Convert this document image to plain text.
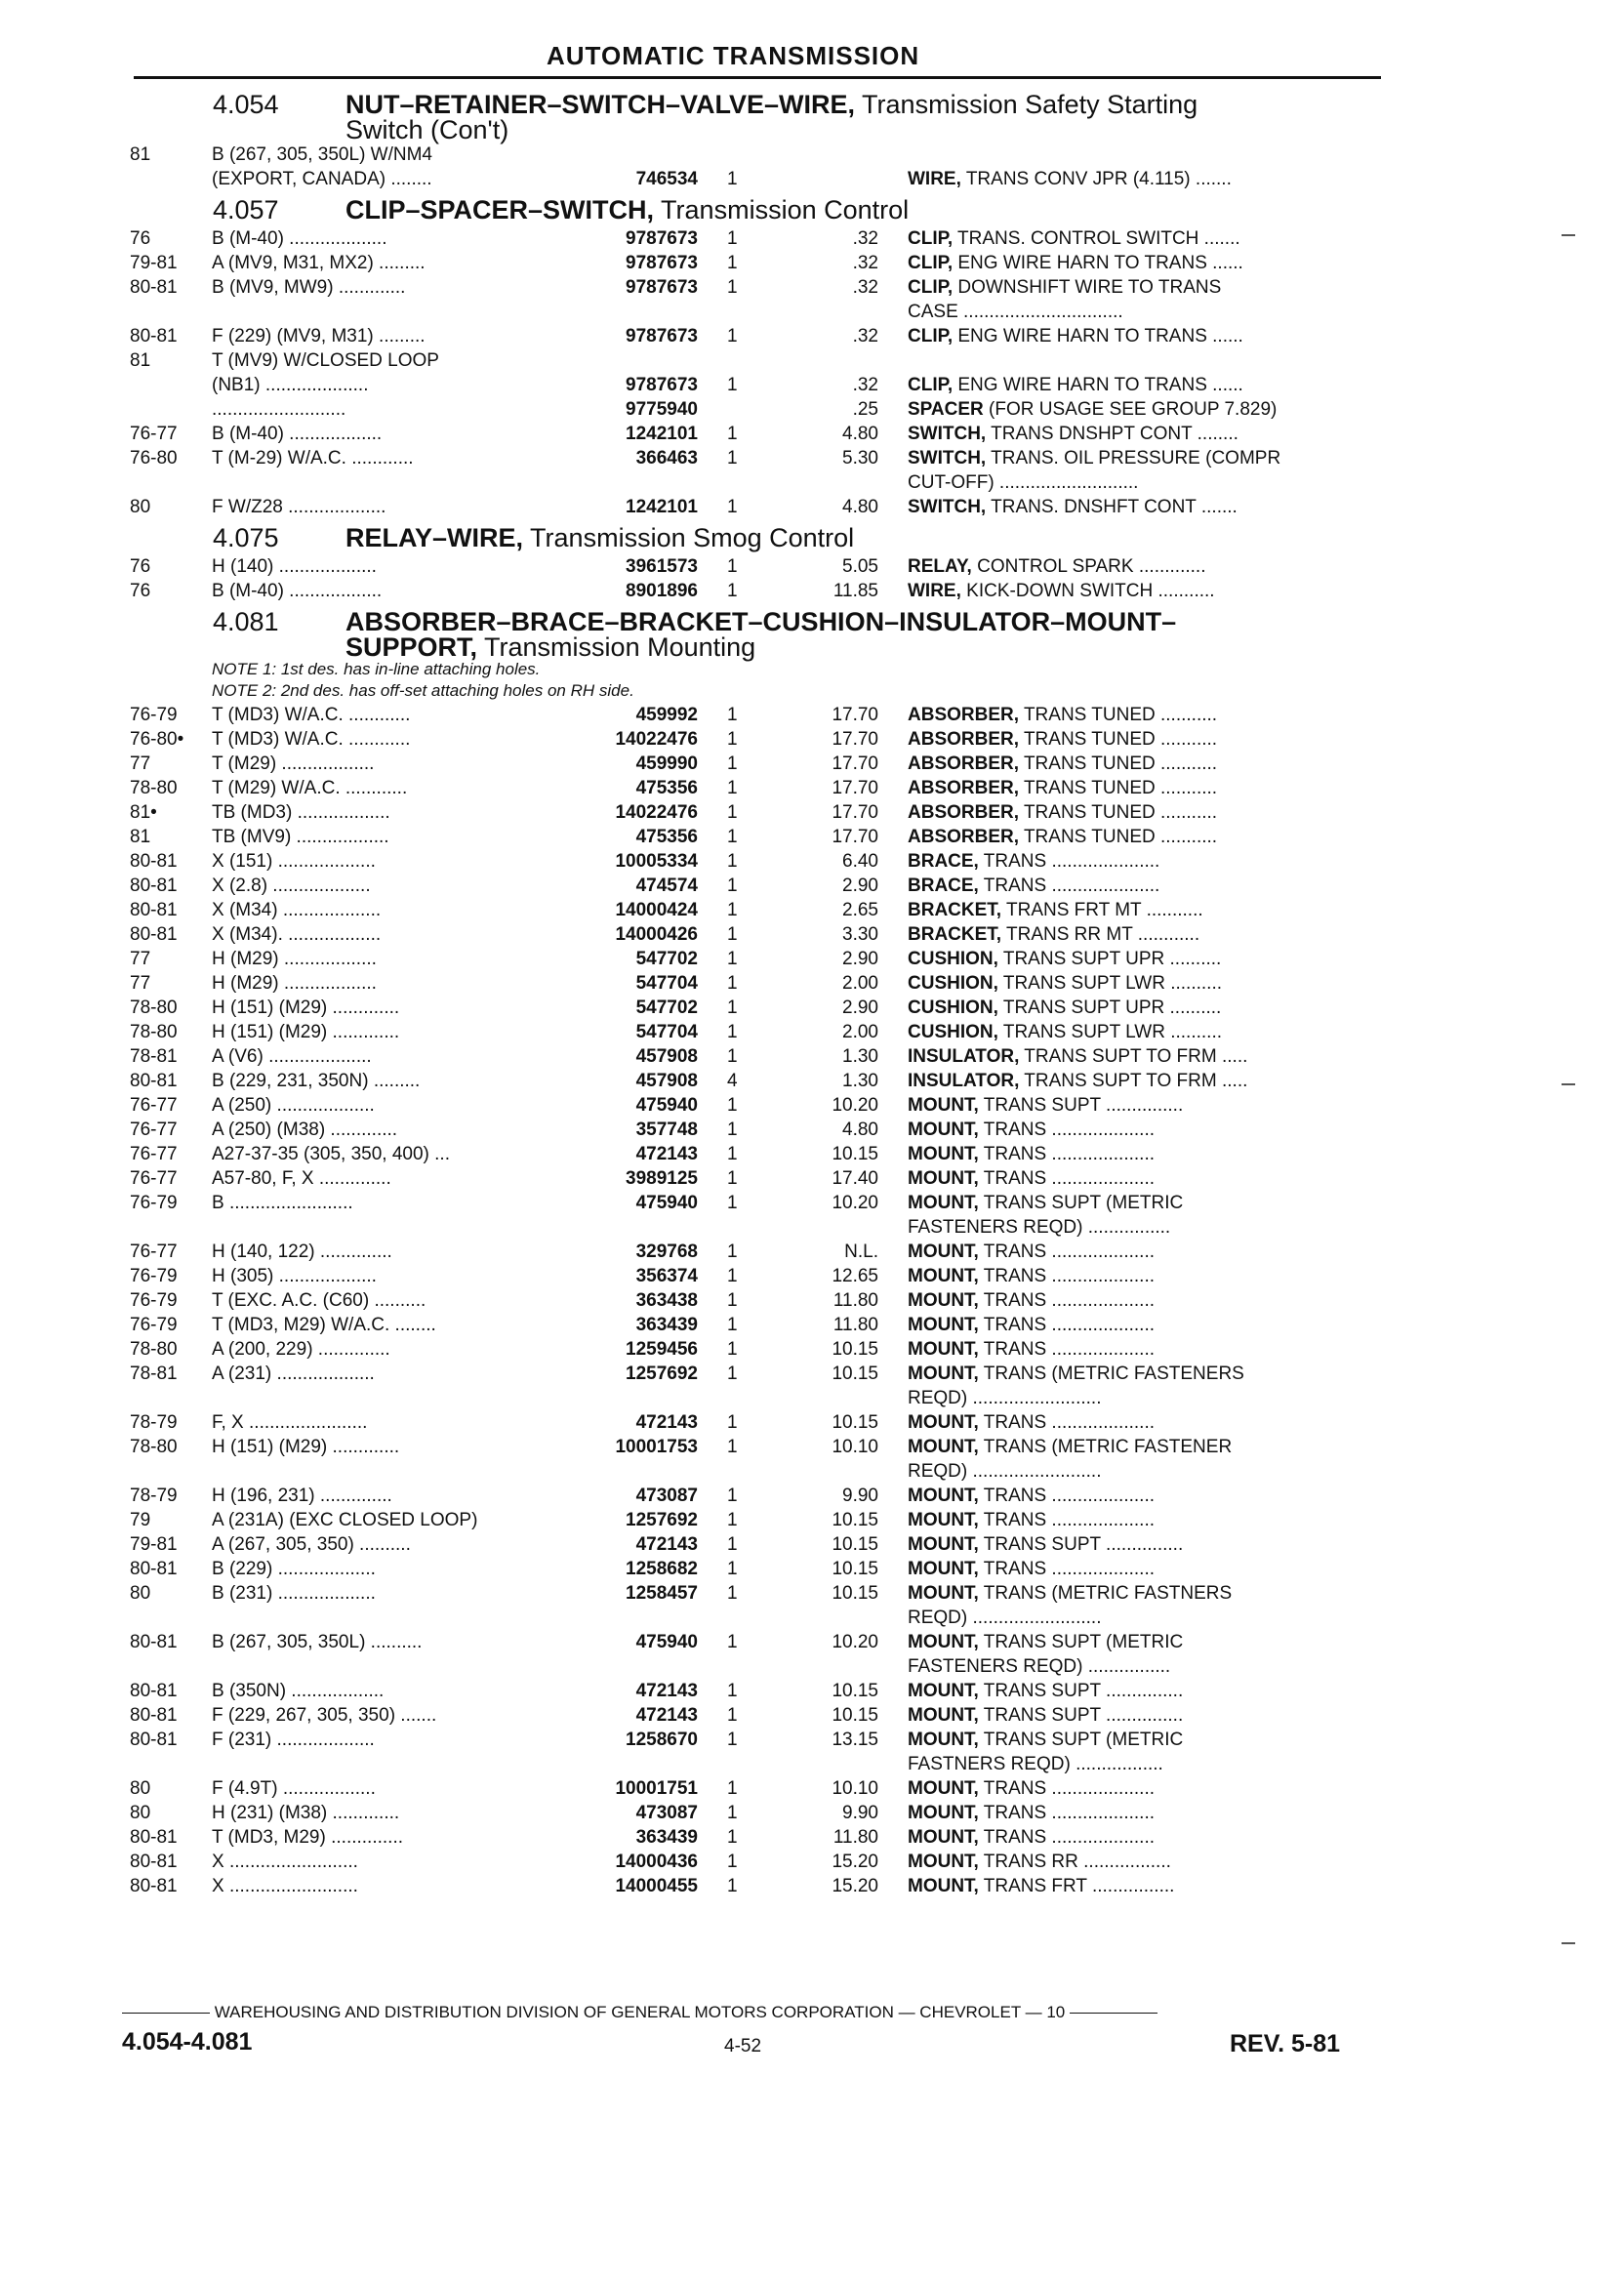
AUTOMATIC TRANSMISSION
4.054	NUT–RETAINER–SWITCH–VALVE–WIRE, Transmission Safety Starting
Switch (Con't)
81	B (267, 305, 350L) W/NM4
(EXPORT, CANADA) ........	746534 1	WIRE, TRANS CONV JPR (4.115) .......
4.057	CLIP–SPACER–SWITCH, Transmission Control
76	B (M-40) ...................	9787673 1	.32 CLIP, TRANS. CONTROL SWITCH .......
79-81 A (MV9, M31, MX2) .........	9787673 1	.32 CLIP, ENG WIRE HARN TO TRANS ......
80-81 B (MV9, MW9) .............	9787673 1	.32 CLIP, DOWNSHIFT WIRE TO TRANS
CASE ...............................
80-81 F (229) (MV9, M31) .........	9787673 1	.32 CLIP, ENG WIRE HARN TO TRANS ......
81	T (MV9) W/CLOSED LOOP
(NB1) ....................	9787673 1	.32 CLIP, ENG WIRE HARN TO TRANS ......
..........................	9775940	.25 SPACER (FOR USAGE SEE GROUP 7.829)
76-77 B (M-40) ..................	1242101 1	4.80 SWITCH, TRANS DNSHPT CONT ........
76-80 T (M-29) W/A.C. ............	366463 1	5.30 SWITCH, TRANS. OIL PRESSURE (COMPR
CUT-OFF) ...........................
80	F W/Z28 ...................	1242101 1	4.80 SWITCH, TRANS. DNSHFT CONT .......
4.075	RELAY–WIRE, Transmission Smog Control
76	H (140) ...................	3961573 1	5.05 RELAY, CONTROL SPARK .............
76	B (M-40) ..................	8901896 1	11.85 WIRE, KICK-DOWN SWITCH ...........
4.081	ABSORBER–BRACE–BRACKET–CUSHION–INSULATOR–MOUNT–
SUPPORT, Transmission Mounting
NOTE 1: 1st des. has in-line attaching holes.
NOTE 2: 2nd des. has off-set attaching holes on RH side.
76-79 T (MD3) W/A.C. ............	459992 1	17.70 ABSORBER, TRANS TUNED ...........
76-80• T (MD3) W/A.C. ............	14022476 1	17.70 ABSORBER, TRANS TUNED ...........
77	T (M29) ..................	459990 1	17.70 ABSORBER, TRANS TUNED ...........
78-80 T (M29) W/A.C. ............	475356 1	17.70 ABSORBER, TRANS TUNED ...........
81•	TB (MD3) ..................	14022476 1	17.70 ABSORBER, TRANS TUNED ...........
81	TB (MV9) ..................	475356 1	17.70 ABSORBER, TRANS TUNED ...........
80-81 X (151) ...................	10005334 1	6.40 BRACE, TRANS .....................
80-81 X (2.8) ...................	474574 1	2.90 BRACE, TRANS .....................
80-81 X (M34) ...................	14000424 1	2.65 BRACKET, TRANS FRT MT ...........
80-81 X (M34). ..................	14000426 1	3.30 BRACKET, TRANS RR MT ............
77	H (M29) ..................	547702 1	2.90 CUSHION, TRANS SUPT UPR ..........
77	H (M29) ..................	547704 1	2.00 CUSHION, TRANS SUPT LWR ..........
78-80 H (151) (M29) .............	547702 1	2.90 CUSHION, TRANS SUPT UPR ..........
78-80 H (151) (M29) .............	547704 1	2.00 CUSHION, TRANS SUPT LWR ..........
78-81 A (V6) ....................	457908 1	1.30 INSULATOR, TRANS SUPT TO FRM .....
80-81 B (229, 231, 350N) .........	457908 4	1.30 INSULATOR, TRANS SUPT TO FRM .....
76-77 A (250) ...................	475940 1	10.20 MOUNT, TRANS SUPT ...............
76-77 A (250) (M38) .............	357748 1	4.80 MOUNT, TRANS ....................
76-77 A27-37-35 (305, 350, 400) ...	472143 1	10.15 MOUNT, TRANS ....................
76-77 A57-80, F, X ..............	3989125 1	17.40 MOUNT, TRANS ....................
76-79 B ........................	475940 1	10.20 MOUNT, TRANS SUPT (METRIC
FASTENERS REQD) ................
76-77 H (140, 122) ..............	329768 1	N.L. MOUNT, TRANS ....................
76-79 H (305) ...................	356374 1	12.65 MOUNT, TRANS ....................
76-79 T (EXC. A.C. (C60) ..........	363438 1	11.80 MOUNT, TRANS ....................
76-79 T (MD3, M29) W/A.C. ........	363439 1	11.80 MOUNT, TRANS ....................
78-80 A (200, 229) ..............	1259456 1	10.15 MOUNT, TRANS ....................
78-81 A (231) ...................	1257692 1	10.15 MOUNT, TRANS (METRIC FASTENERS
REQD) .........................
78-79 F, X .......................	472143 1	10.15 MOUNT, TRANS ....................
78-80 H (151) (M29) .............	10001753 1	10.10 MOUNT, TRANS (METRIC FASTENER
REQD) .........................
78-79 H (196, 231) ..............	473087 1	9.90 MOUNT, TRANS ....................
79	A (231A) (EXC CLOSED LOOP)	1257692 1	10.15 MOUNT, TRANS ....................
79-81 A (267, 305, 350) ..........	472143 1	10.15 MOUNT, TRANS SUPT ...............
80-81 B (229) ...................	1258682 1	10.15 MOUNT, TRANS ....................
80	B (231) ...................	1258457 1	10.15 MOUNT, TRANS (METRIC FASTNERS
REQD) .........................
80-81 B (267, 305, 350L) ..........	475940 1	10.20 MOUNT, TRANS SUPT (METRIC
FASTENERS REQD) ................
80-81 B (350N) ..................	472143 1	10.15 MOUNT, TRANS SUPT ...............
80-81 F (229, 267, 305, 350) .......	472143 1	10.15 MOUNT, TRANS SUPT ...............
80-81 F (231) ...................	1258670 1	13.15 MOUNT, TRANS SUPT (METRIC
FASTNERS REQD) .................
80	F (4.9T) ..................	10001751 1	10.10 MOUNT, TRANS ....................
80	H (231) (M38) .............	473087 1	9.90 MOUNT, TRANS ....................
80-81 T (MD3, M29) ..............	363439 1	11.80 MOUNT, TRANS ....................
80-81 X .........................	14000436 1	15.20 MOUNT, TRANS RR .................
80-81 X .........................	14000455 1	15.20 MOUNT, TRANS FRT ................
WAREHOUSING AND DISTRIBUTION DIVISION OF GENERAL MOTORS CORPORATION — CHEVROLET — 10
4.054-4.081	4-52	REV. 5-81
